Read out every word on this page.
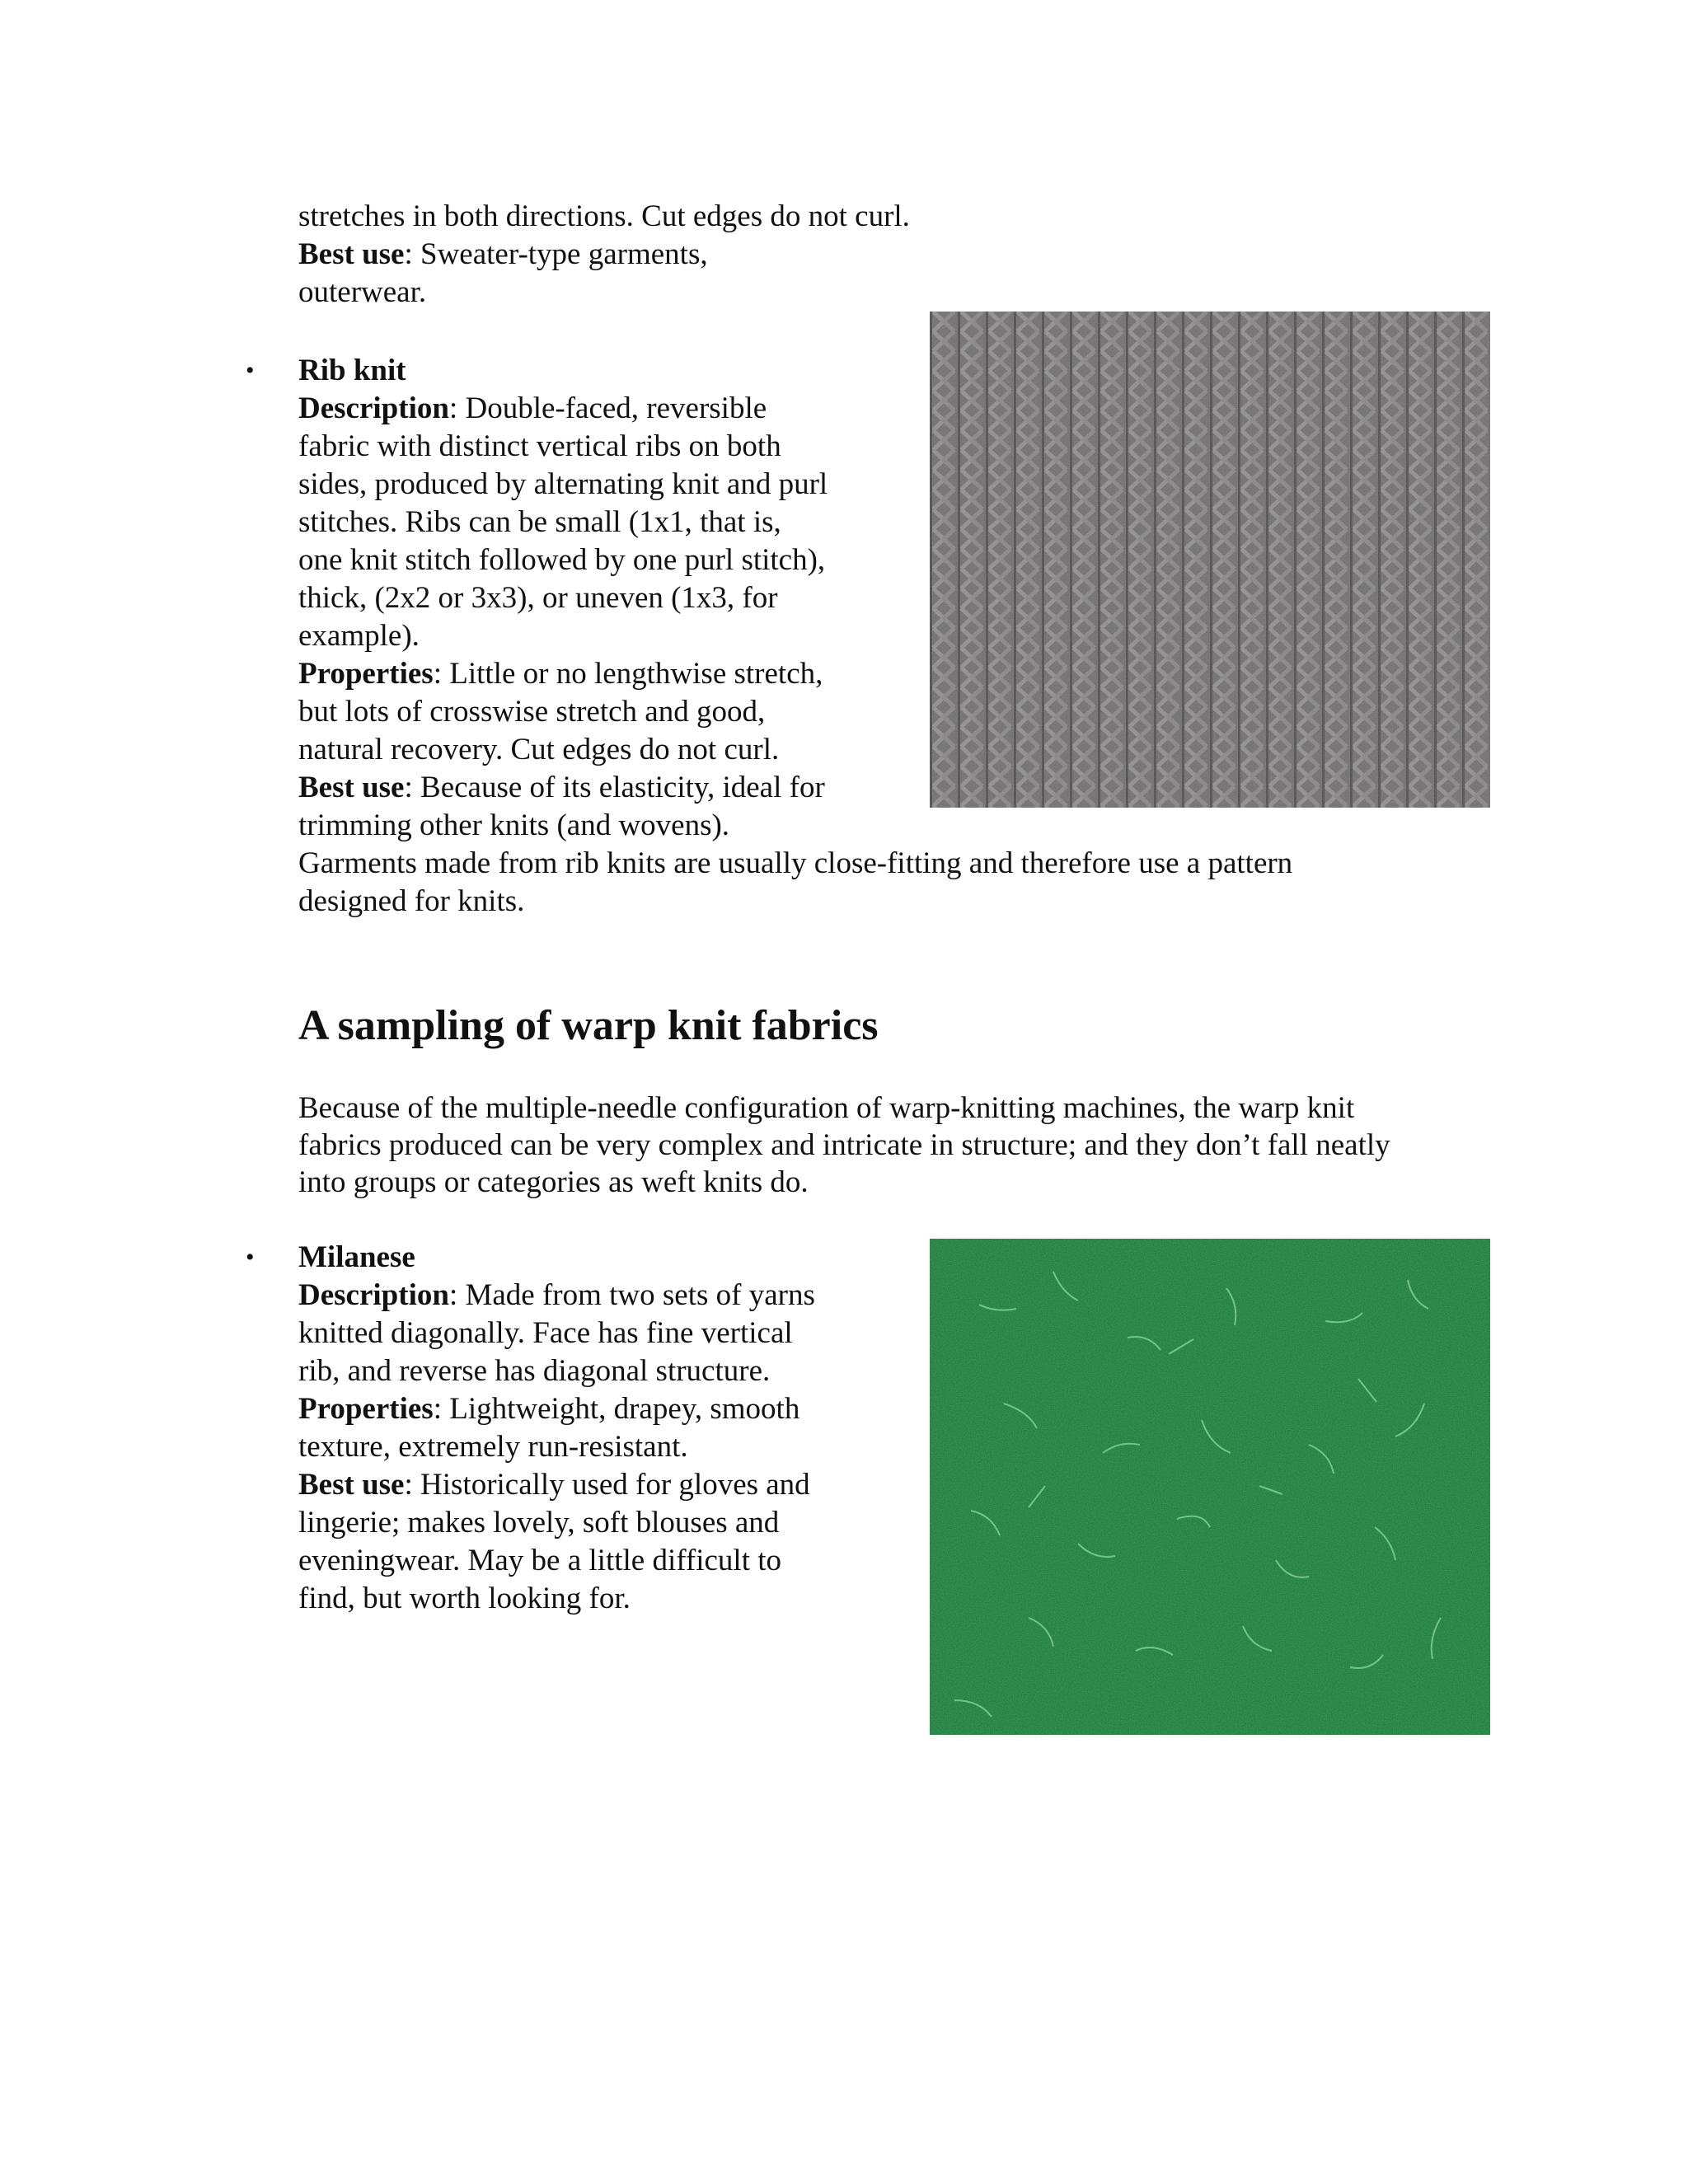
stretches in both directions. Cut edges do not curl.
Best use: Sweater-type garments,
outerwear.
• Rib knit
Description: Double-faced, reversible
fabric with distinct vertical ribs on both
sides, produced by alternating knit and purl
stitches. Ribs can be small (1x1, that is,
one knit stitch followed by one purl stitch),
thick, (2x2 or 3x3), or uneven (1x3, for
example).
Properties: Little or no lengthwise stretch,
but lots of crosswise stretch and good,
natural recovery. Cut edges do not curl.
Best use: Because of its elasticity, ideal for
trimming other knits (and wovens).
Garments made from rib knits are usually close-fitting and therefore use a pattern
designed for knits.
A sampling of warp knit fabrics
Because of the multiple-needle configuration of warp-knitting machines, the warp knit
fabrics produced can be very complex and intricate in structure; and they don’t fall neatly
into groups or categories as weft knits do.
• Milanese
Description: Made from two sets of yarns
knitted diagonally. Face has fine vertical
rib, and reverse has diagonal structure.
Properties: Lightweight, drapey, smooth
texture, extremely run-resistant.
Best use: Historically used for gloves and
lingerie; makes lovely, soft blouses and
eveningwear. May be a little difficult to
find, but worth looking for.
